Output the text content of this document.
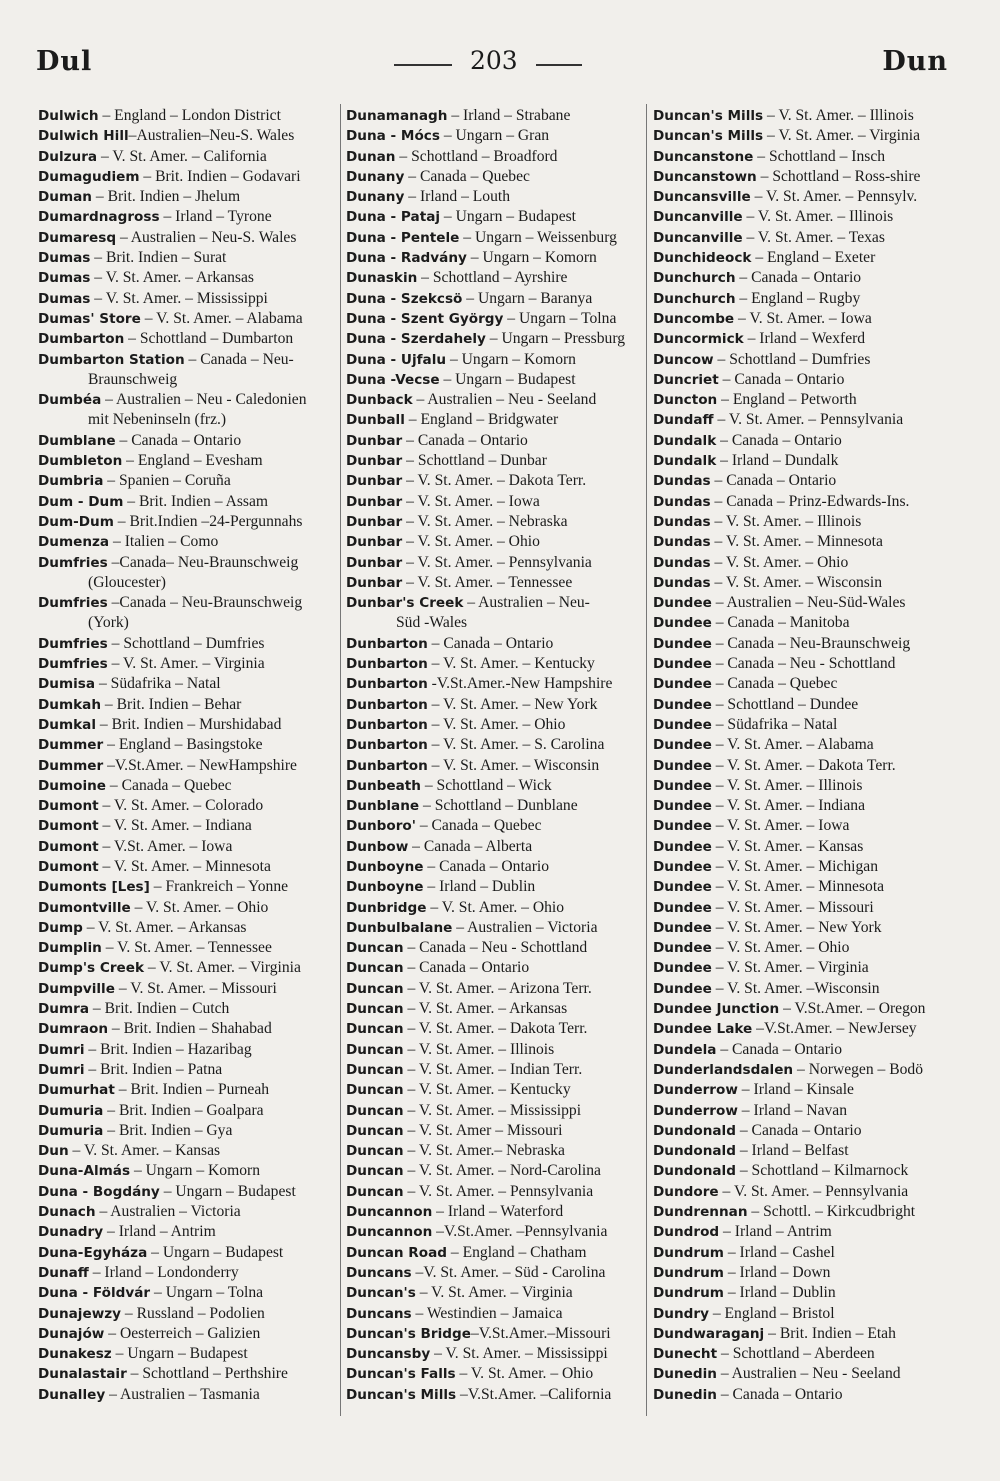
Dul	203	Dun
Dulwich – England – London District
Dulwich Hill–Australien–Neu-S. Wales
Dulzura – V. St. Amer. – California
Dumagudiem – Brit. Indien – Godavari
Duman – Brit. Indien – Jhelum
Dumardnagross – Irland – Tyrone
Dumaresq – Australien – Neu-S. Wales
Dumas – Brit. Indien – Surat
Dumas – V. St. Amer. – Arkansas
Dumas – V. St. Amer. – Mississippi
Dumas' Store – V. St. Amer. – Alabama
Dumbarton – Schottland – Dumbarton
Dumbarton Station – Canada – Neu-
Braunschweig
Dumbéa – Australien – Neu - Caledonien
mit Nebeninseln (frz.)
Dumblane – Canada – Ontario
Dumbleton – England – Evesham
Dumbria – Spanien – Coruña
Dum - Dum – Brit. Indien – Assam
Dum-Dum – Brit.Indien –24-Pergunnahs
Dumenza – Italien – Como
Dumfries –Canada– Neu-Braunschweig
(Gloucester)
Dumfries –Canada – Neu-Braunschweig
(York)
Dumfries – Schottland – Dumfries
Dumfries – V. St. Amer. – Virginia
Dumisa – Südafrika – Natal
Dumkah – Brit. Indien – Behar
Dumkal – Brit. Indien – Murshidabad
Dummer – England – Basingstoke
Dummer –V.St.Amer. – NewHampshire
Dumoine – Canada – Quebec
Dumont – V. St. Amer. – Colorado
Dumont – V. St. Amer. – Indiana
Dumont – V.St. Amer. – Iowa
Dumont – V. St. Amer. – Minnesota
Dumonts [Les] – Frankreich – Yonne
Dumontville – V. St. Amer. – Ohio
Dump – V. St. Amer. – Arkansas
Dumplin – V. St. Amer. – Tennessee
Dump's Creek – V. St. Amer. – Virginia
Dumpville – V. St. Amer. – Missouri
Dumra – Brit. Indien – Cutch
Dumraon – Brit. Indien – Shahabad
Dumri – Brit. Indien – Hazaribag
Dumri – Brit. Indien – Patna
Dumurhat – Brit. Indien – Purneah
Dumuria – Brit. Indien – Goalpara
Dumuria – Brit. Indien – Gya
Dun – V. St. Amer. – Kansas
Duna-Almás – Ungarn – Komorn
Duna - Bogdány – Ungarn – Budapest
Dunach – Australien – Victoria
Dunadry – Irland – Antrim
Duna-Egyháza – Ungarn – Budapest
Dunaff – Irland – Londonderry
Duna - Földvár – Ungarn – Tolna
Dunajewzy – Russland – Podolien
Dunajów – Oesterreich – Galizien
Dunakesz – Ungarn – Budapest
Dunalastair – Schottland – Perthshire
Dunalley – Australien – Tasmania
Dunamanagh – Irland – Strabane
Duna - Mócs – Ungarn – Gran
Dunan – Schottland – Broadford
Dunany – Canada – Quebec
Dunany – Irland – Louth
Duna - Pataj – Ungarn – Budapest
Duna - Pentele – Ungarn – Weissenburg
Duna - Radvány – Ungarn – Komorn
Dunaskin – Schottland – Ayrshire
Duna - Szekcsö – Ungarn – Baranya
Duna - Szent György – Ungarn – Tolna
Duna - Szerdahely – Ungarn – Pressburg
Duna - Ujfalu – Ungarn – Komorn
Duna -Vecse – Ungarn – Budapest
Dunback – Australien – Neu - Seeland
Dunball – England – Bridgwater
Dunbar – Canada – Ontario
Dunbar – Schottland – Dunbar
Dunbar – V. St. Amer. – Dakota Terr.
Dunbar – V. St. Amer. – Iowa
Dunbar – V. St. Amer. – Nebraska
Dunbar – V. St. Amer. – Ohio
Dunbar – V. St. Amer. – Pennsylvania
Dunbar – V. St. Amer. – Tennessee
Dunbar's Creek – Australien – Neu-
Süd -Wales
Dunbarton – Canada – Ontario
Dunbarton – V. St. Amer. – Kentucky
Dunbarton -V.St.Amer.-New Hampshire
Dunbarton – V. St. Amer. – New York
Dunbarton – V. St. Amer. – Ohio
Dunbarton – V. St. Amer. – S. Carolina
Dunbarton – V. St. Amer. – Wisconsin
Dunbeath – Schottland – Wick
Dunblane – Schottland – Dunblane
Dunboro' – Canada – Quebec
Dunbow – Canada – Alberta
Dunboyne – Canada – Ontario
Dunboyne – Irland – Dublin
Dunbridge – V. St. Amer. – Ohio
Dunbulbalane – Australien – Victoria
Duncan – Canada – Neu - Schottland
Duncan – Canada – Ontario
Duncan – V. St. Amer. – Arizona Terr.
Duncan – V. St. Amer. – Arkansas
Duncan – V. St. Amer. – Dakota Terr.
Duncan – V. St. Amer. – Illinois
Duncan – V. St. Amer. – Indian Terr.
Duncan – V. St. Amer. – Kentucky
Duncan – V. St. Amer. – Mississippi
Duncan – V. St. Amer – Missouri
Duncan – V. St. Amer.– Nebraska
Duncan – V. St. Amer. – Nord-Carolina
Duncan – V. St. Amer. – Pennsylvania
Duncannon – Irland – Waterford
Duncannon –V.St.Amer. –Pennsylvania
Duncan Road – England – Chatham
Duncans –V. St. Amer. – Süd - Carolina
Duncan's – V. St. Amer. – Virginia
Duncans – Westindien – Jamaica
Duncan's Bridge–V.St.Amer.–Missouri
Duncansby – V. St. Amer. – Mississippi
Duncan's Falls – V. St. Amer. – Ohio
Duncan's Mills –V.St.Amer. –California
Duncan's Mills – V. St. Amer. – Illinois
Duncan's Mills – V. St. Amer. – Virginia
Duncanstone – Schottland – Insch
Duncanstown – Schottland – Ross-shire
Duncansville – V. St. Amer. – Pennsylv.
Duncanville – V. St. Amer. – Illinois
Duncanville – V. St. Amer. – Texas
Dunchideock – England – Exeter
Dunchurch – Canada – Ontario
Dunchurch – England – Rugby
Duncombe – V. St. Amer. – Iowa
Duncormick – Irland – Wexferd
Duncow – Schottland – Dumfries
Duncriet – Canada – Ontario
Duncton – England – Petworth
Dundaff – V. St. Amer. – Pennsylvania
Dundalk – Canada – Ontario
Dundalk – Irland – Dundalk
Dundas – Canada – Ontario
Dundas – Canada – Prinz-Edwards-Ins.
Dundas – V. St. Amer. – Illinois
Dundas – V. St. Amer. – Minnesota
Dundas – V. St. Amer. – Ohio
Dundas – V. St. Amer. – Wisconsin
Dundee – Australien – Neu-Süd-Wales
Dundee – Canada – Manitoba
Dundee – Canada – Neu-Braunschweig
Dundee – Canada – Neu - Schottland
Dundee – Canada – Quebec
Dundee – Schottland – Dundee
Dundee – Südafrika – Natal
Dundee – V. St. Amer. – Alabama
Dundee – V. St. Amer. – Dakota Terr.
Dundee – V. St. Amer. – Illinois
Dundee – V. St. Amer. – Indiana
Dundee – V. St. Amer. – Iowa
Dundee – V. St. Amer. – Kansas
Dundee – V. St. Amer. – Michigan
Dundee – V. St. Amer. – Minnesota
Dundee – V. St. Amer. – Missouri
Dundee – V. St. Amer. – New York
Dundee – V. St. Amer. – Ohio
Dundee – V. St. Amer. – Virginia
Dundee – V. St. Amer. –Wisconsin
Dundee Junction – V.St.Amer. – Oregon
Dundee Lake –V.St.Amer. – NewJersey
Dundela – Canada – Ontario
Dunderlandsdalen – Norwegen – Bodö
Dunderrow – Irland – Kinsale
Dunderrow – Irland – Navan
Dundonald – Canada – Ontario
Dundonald – Irland – Belfast
Dundonald – Schottland – Kilmarnock
Dundore – V. St. Amer. – Pennsylvania
Dundrennan – Schottl. – Kirkcudbright
Dundrod – Irland – Antrim
Dundrum – Irland – Cashel
Dundrum – Irland – Down
Dundrum – Irland – Dublin
Dundry – England – Bristol
Dundwaraganj – Brit. Indien – Etah
Dunecht – Schottland – Aberdeen
Dunedin – Australien – Neu - Seeland
Dunedin – Canada – Ontario
